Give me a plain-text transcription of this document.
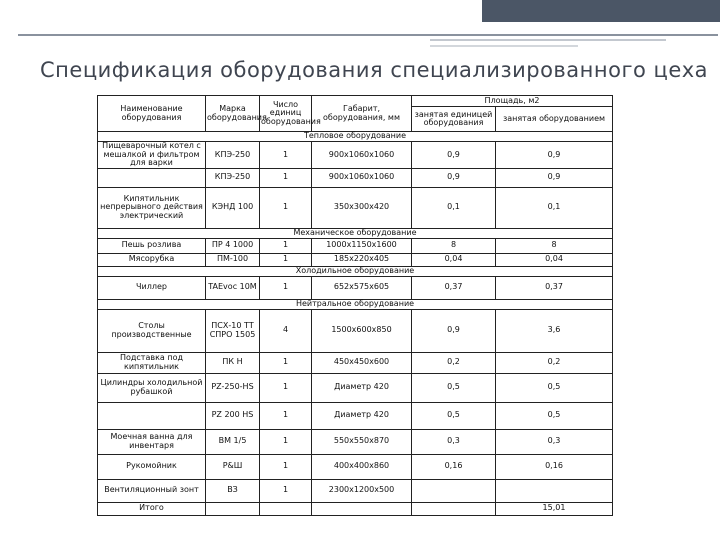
Спецификация оборудования специализированного цеха
Наименование оборудования	Марка оборудования	Число единиц оборудования	Габарит, оборудования, мм	Площадь, м2	
				занятая единицей оборудования	занятая оборудованием
Тепловое оборудование					
Пищеварочный котел с мешалкой и фильтром для варки	КПЭ-250	1	900х1060х1060	0,9	0,9
	КПЭ-250	1	900х1060х1060	0,9	0,9
Кипятильник непрерывного действия электрический	КЭНД 100	1	350х300х420	0,1	0,1
Механическое оборудование					
Пешь розлива	ПР 4 1000	1	1000х1150х1600	8	8
Мясорубка	ПМ-100	1	185х220х405	0,04	0,04
Холодильное оборудование					
Чиллер	TAEvoc 10M	1	652х575х605	0,37	0,37
Нейтральное оборудование					
Столы производственные	ПСХ-10 ТТ СПРО 1505	4	1500х600х850	0,9	3,6
Подставка под кипятильник	ПК Н	1	450х450х600	0,2	0,2
Цилиндры холодильной рубашкой	PZ-250-НS	1	Диаметр 420	0,5	0,5
	PZ 200 НS	1	Диаметр 420	0,5	0,5
Моечная ванна для инвентаря	ВМ 1/5	1	550х550х870	0,3	0,3
Рукомойник	Р&Ш	1	400х400х860	0,16	0,16
Вентиляционный зонт	ВЗ	1	2300х1200х500		
Итого					15,01
